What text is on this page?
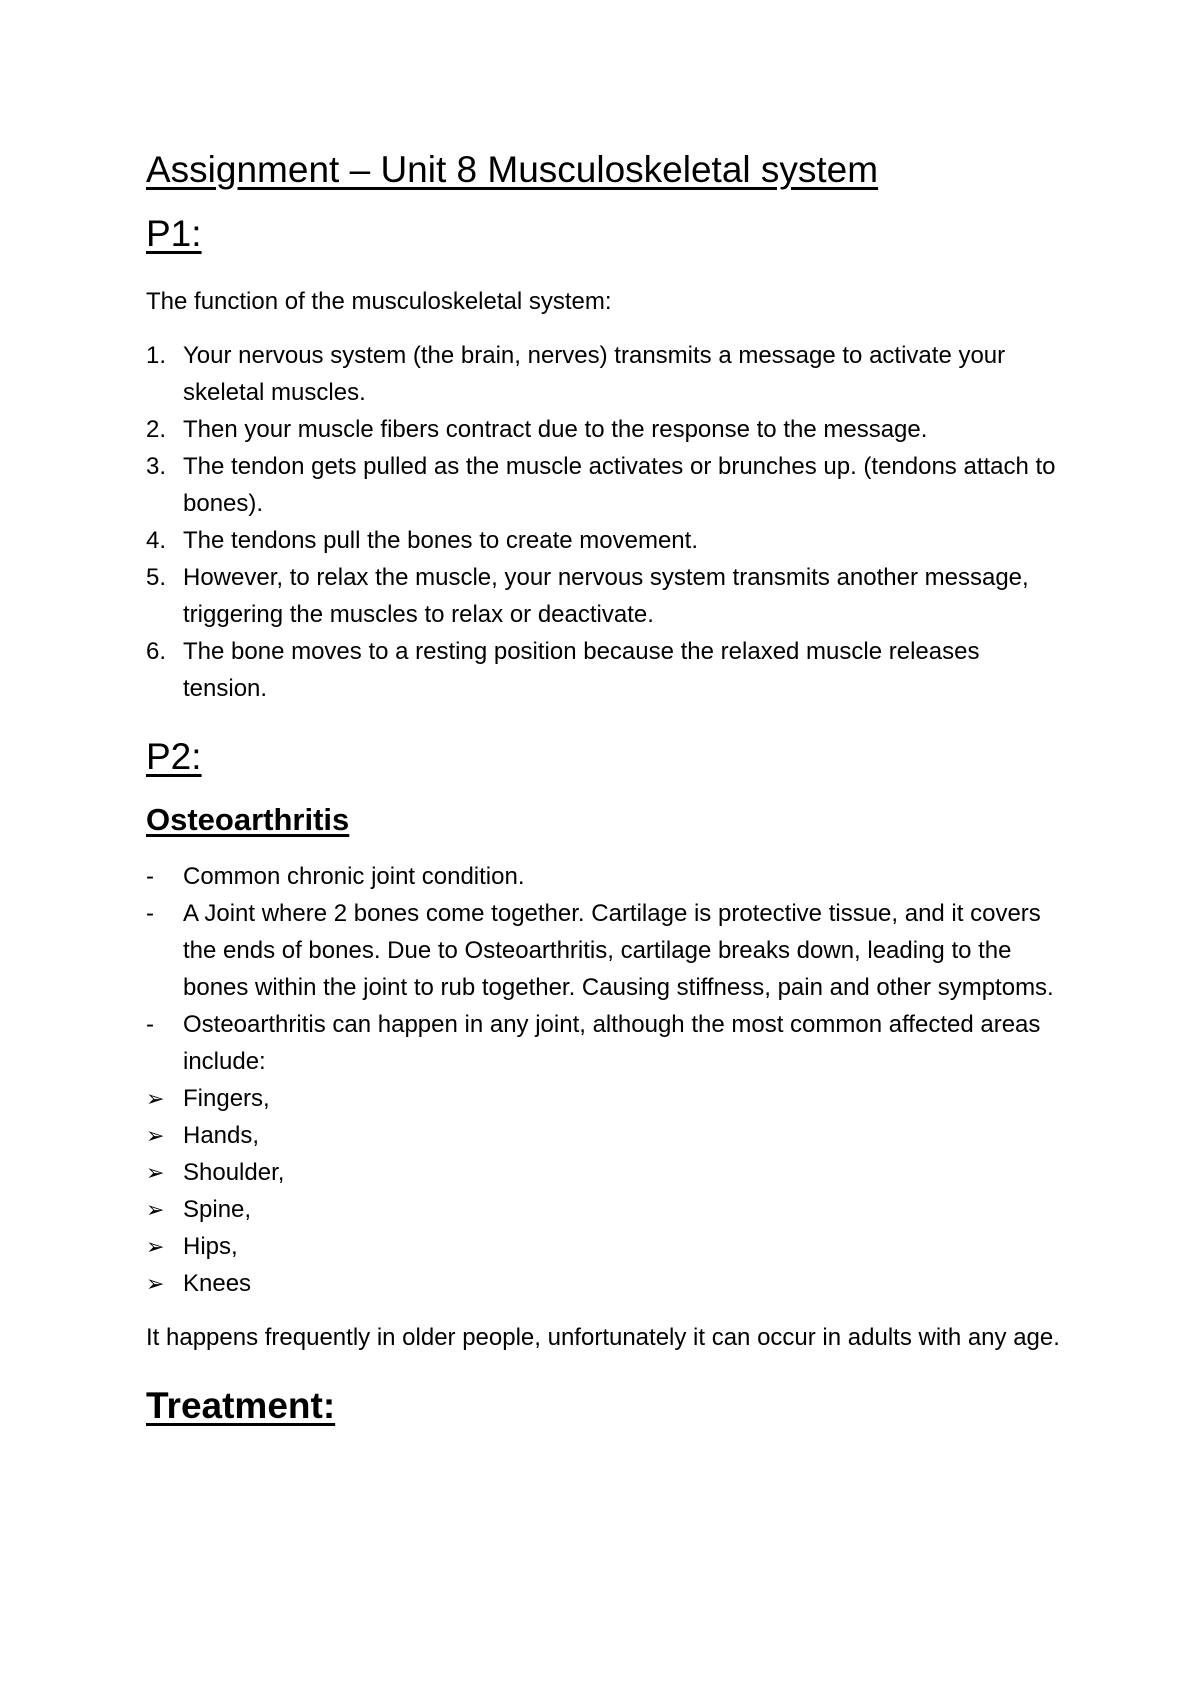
Assignment – Unit 8 Musculoskeletal system
P1:

The function of the musculoskeletal system:

1. Your nervous system (the brain, nerves) transmits a message to activate your skeletal muscles.
2. Then your muscle fibers contract due to the response to the message.
3. The tendon gets pulled as the muscle activates or brunches up. (tendons attach to bones).
4. The tendons pull the bones to create movement.
5. However, to relax the muscle, your nervous system transmits another message, triggering the muscles to relax or deactivate.
6. The bone moves to a resting position because the relaxed muscle releases tension.
P2:
Osteoarthritis
-	Common chronic joint condition.
-	A Joint where 2 bones come together. Cartilage is protective tissue, and it covers the ends of bones. Due to Osteoarthritis, cartilage breaks down, leading to the bones within the joint to rub together. Causing stiffness, pain and other symptoms.
-	Osteoarthritis can happen in any joint, although the most common affected areas include:
➢ Fingers,
➢ Hands,
➢ Shoulder,
➢ Spine,
➢ Hips,
➢ Knees

It happens frequently in older people, unfortunately it can occur in adults with any age.

Treatment:
